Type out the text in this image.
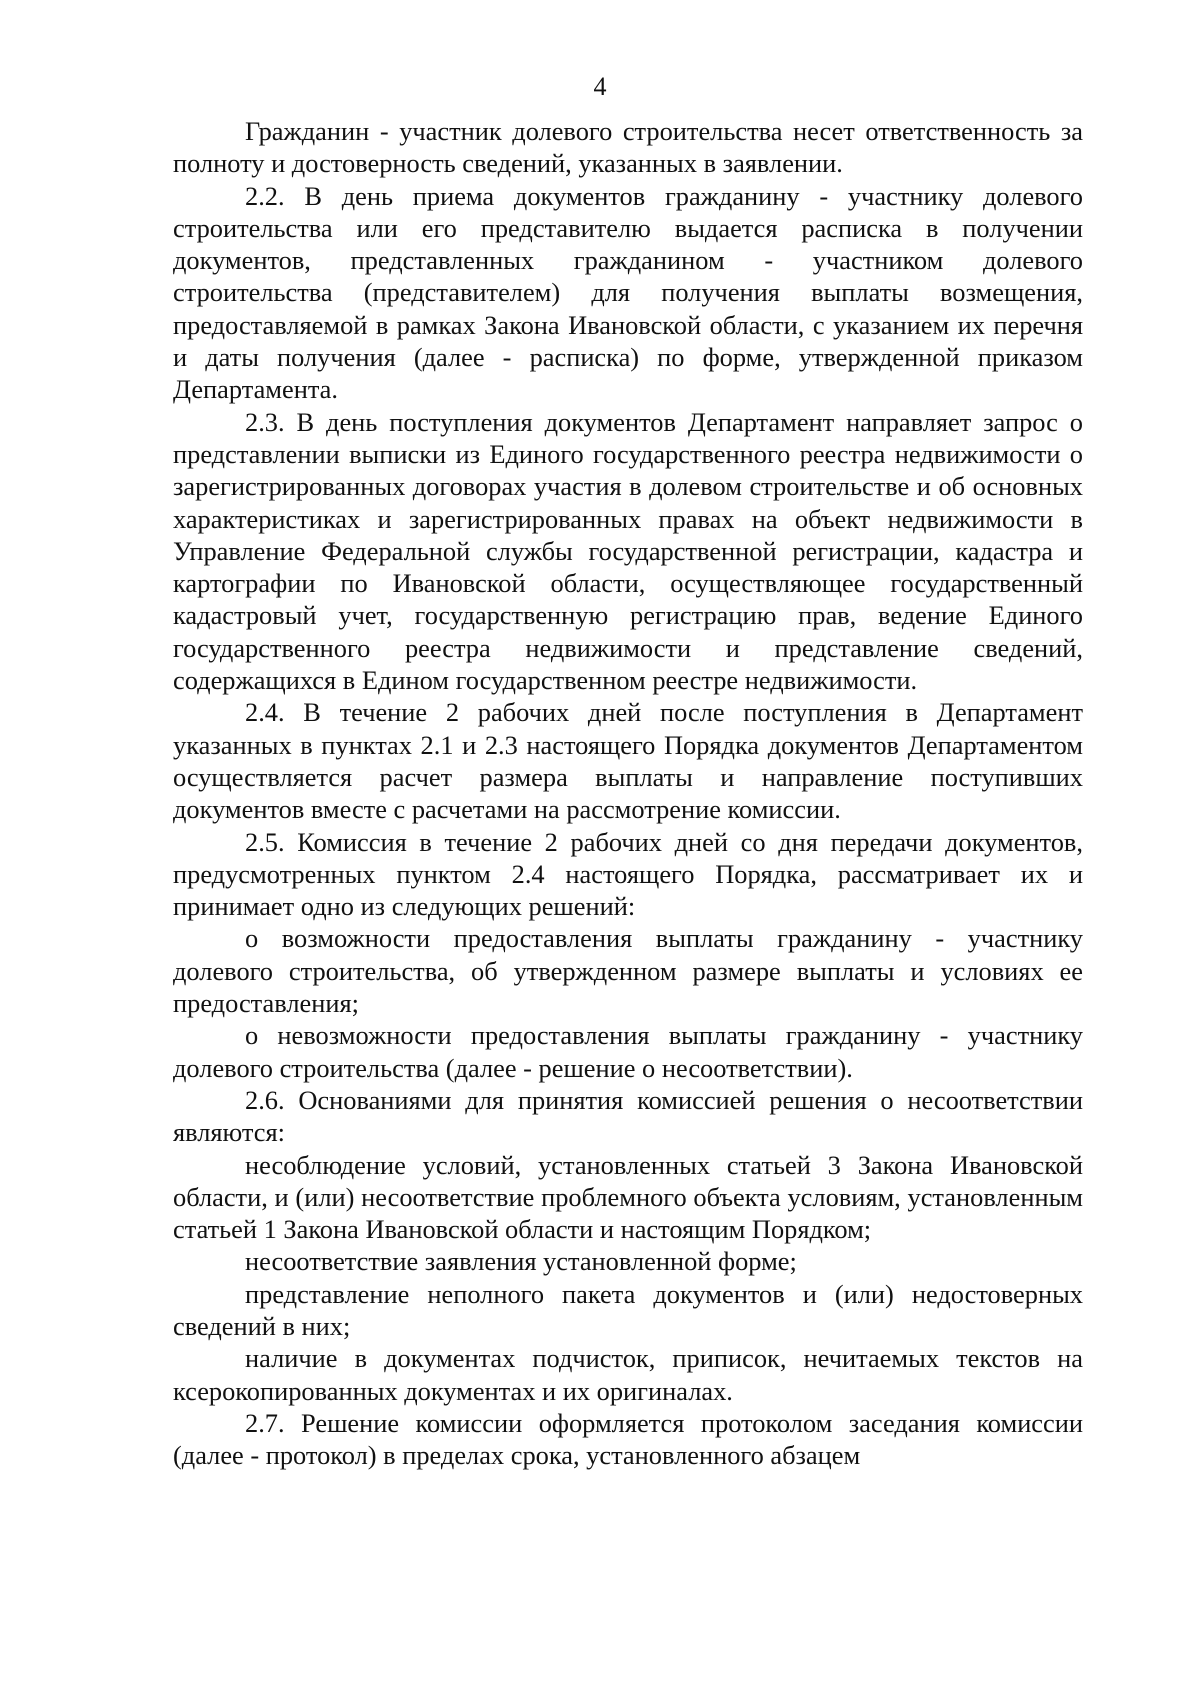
4

Гражданин - участник долевого строительства несет ответственность за полноту и достоверность сведений, указанных в заявлении.

2.2. В день приема документов гражданину - участнику долевого строительства или его представителю выдается расписка в получении документов, представленных гражданином - участником долевого строительства (представителем) для получения выплаты возмещения, предоставляемой в рамках Закона Ивановской области, с указанием их перечня и даты получения (далее - расписка) по форме, утвержденной приказом Департамента.

2.3. В день поступления документов Департамент направляет запрос о представлении выписки из Единого государственного реестра недвижимости о зарегистрированных договорах участия в долевом строительстве и об основных характеристиках и зарегистрированных правах на объект недвижимости в Управление Федеральной службы государственной регистрации, кадастра и картографии по Ивановской области, осуществляющее государственный кадастровый учет, государственную регистрацию прав, ведение Единого государственного реестра недвижимости и представление сведений, содержащихся в Едином государственном реестре недвижимости.

2.4. В течение 2 рабочих дней после поступления в Департамент указанных в пунктах 2.1 и 2.3 настоящего Порядка документов Департаментом осуществляется расчет размера выплаты и направление поступивших документов вместе с расчетами на рассмотрение комиссии.

2.5. Комиссия в течение 2 рабочих дней со дня передачи документов, предусмотренных пунктом 2.4 настоящего Порядка, рассматривает их и принимает одно из следующих решений:

о возможности предоставления выплаты гражданину - участнику долевого строительства, об утвержденном размере выплаты и условиях ее предоставления;

о невозможности предоставления выплаты гражданину - участнику долевого строительства (далее - решение о несоответствии).

2.6. Основаниями для принятия комиссией решения о несоответствии являются:

несоблюдение условий, установленных статьей 3 Закона Ивановской области, и (или) несоответствие проблемного объекта условиям, установленным статьей 1 Закона Ивановской области и настоящим Порядком;

несоответствие заявления установленной форме;

представление неполного пакета документов и (или) недостоверных сведений в них;

наличие в документах подчисток, приписок, нечитаемых текстов на ксерокопированных документах и их оригиналах.

2.7. Решение комиссии оформляется протоколом заседания комиссии (далее - протокол) в пределах срока, установленного абзацем
